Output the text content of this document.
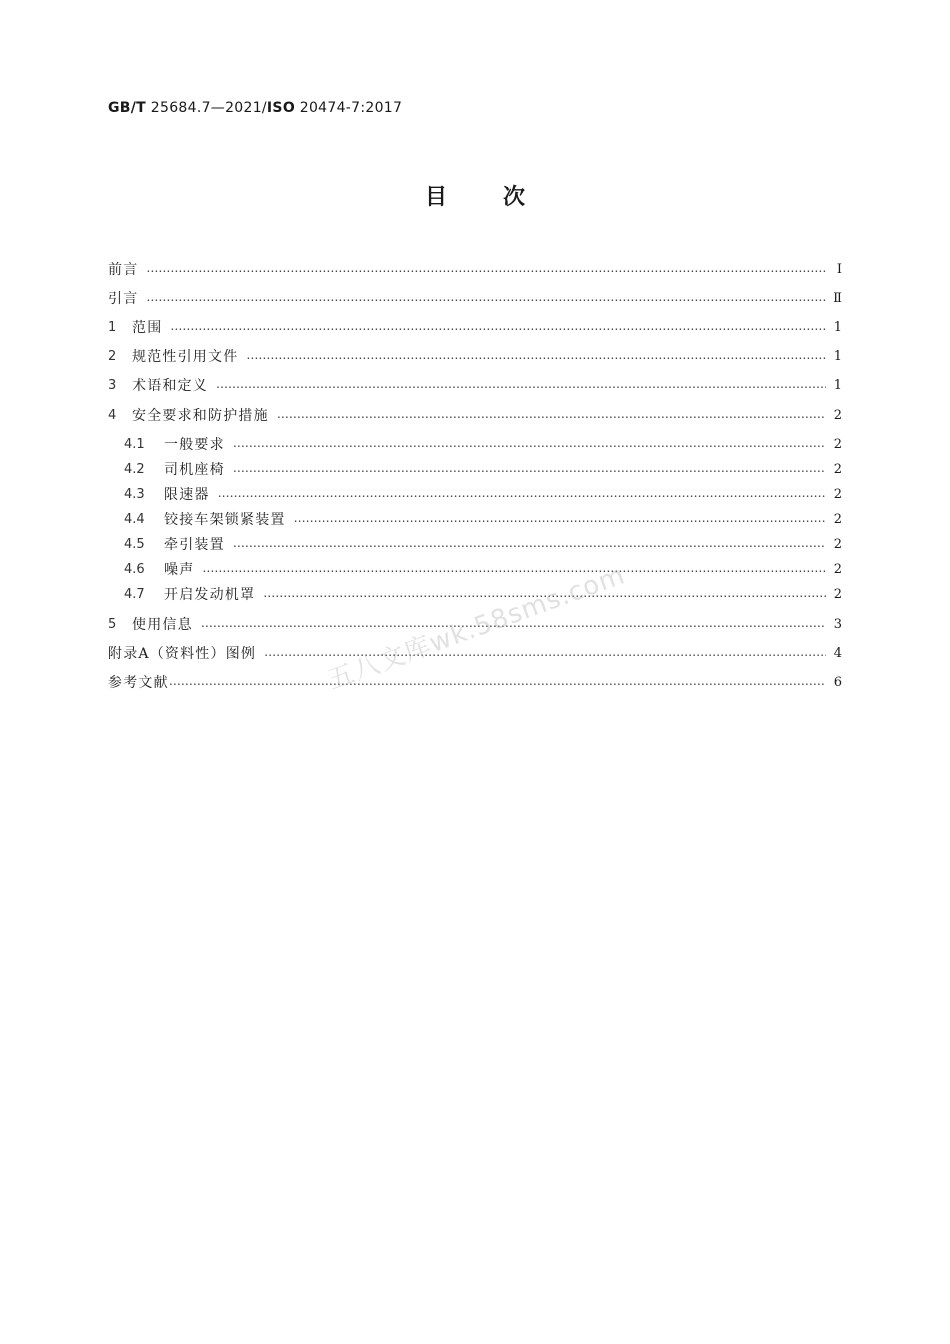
GB/T 25684.7—2021/ISO 20474-7:2017
目	次
前言 ……………………………………………………………………………………………………………………………………………………………………………………………………………………………………………………	Ⅰ
引言 ……………………………………………………………………………………………………………………………………………………………………………………………………………………………………………………	Ⅱ
1	范围 ……………………………………………………………………………………………………………………………………………………………………………………………………………………………………………………	1
2	规范性引用文件 ……………………………………………………………………………………………………………………………………………………………………………………………………………………………………………………	1
3	术语和定义 ……………………………………………………………………………………………………………………………………………………………………………………………………………………………………………………	1
4	安全要求和防护措施 ……………………………………………………………………………………………………………………………………………………………………………………………………………………………………………………	2
4.1	一般要求 ……………………………………………………………………………………………………………………………………………………………………………………………………………………………………………………	2
4.2	司机座椅 ……………………………………………………………………………………………………………………………………………………………………………………………………………………………………………………	2
4.3	限速器 ……………………………………………………………………………………………………………………………………………………………………………………………………………………………………………………	2
4.4	铰接车架锁紧装置 ……………………………………………………………………………………………………………………………………………………………………………………………………………………………………………………	2
4.5	牵引装置 ……………………………………………………………………………………………………………………………………………………………………………………………………………………………………………………	2
4.6	噪声 ……………………………………………………………………………………………………………………………………………………………………………………………………………………………………………………	2
4.7	开启发动机罩 ……………………………………………………………………………………………………………………………………………………………………………………………………………………………………………………	2
5	使用信息 ……………………………………………………………………………………………………………………………………………………………………………………………………………………………………………………	3
附录A（资料性）图例 ……………………………………………………………………………………………………………………………………………………………………………………………………………………………………………………	4
参考文献 ……………………………………………………………………………………………………………………………………………………………………………………………………………………………………………………	6
五八文库wk.58sms.com
